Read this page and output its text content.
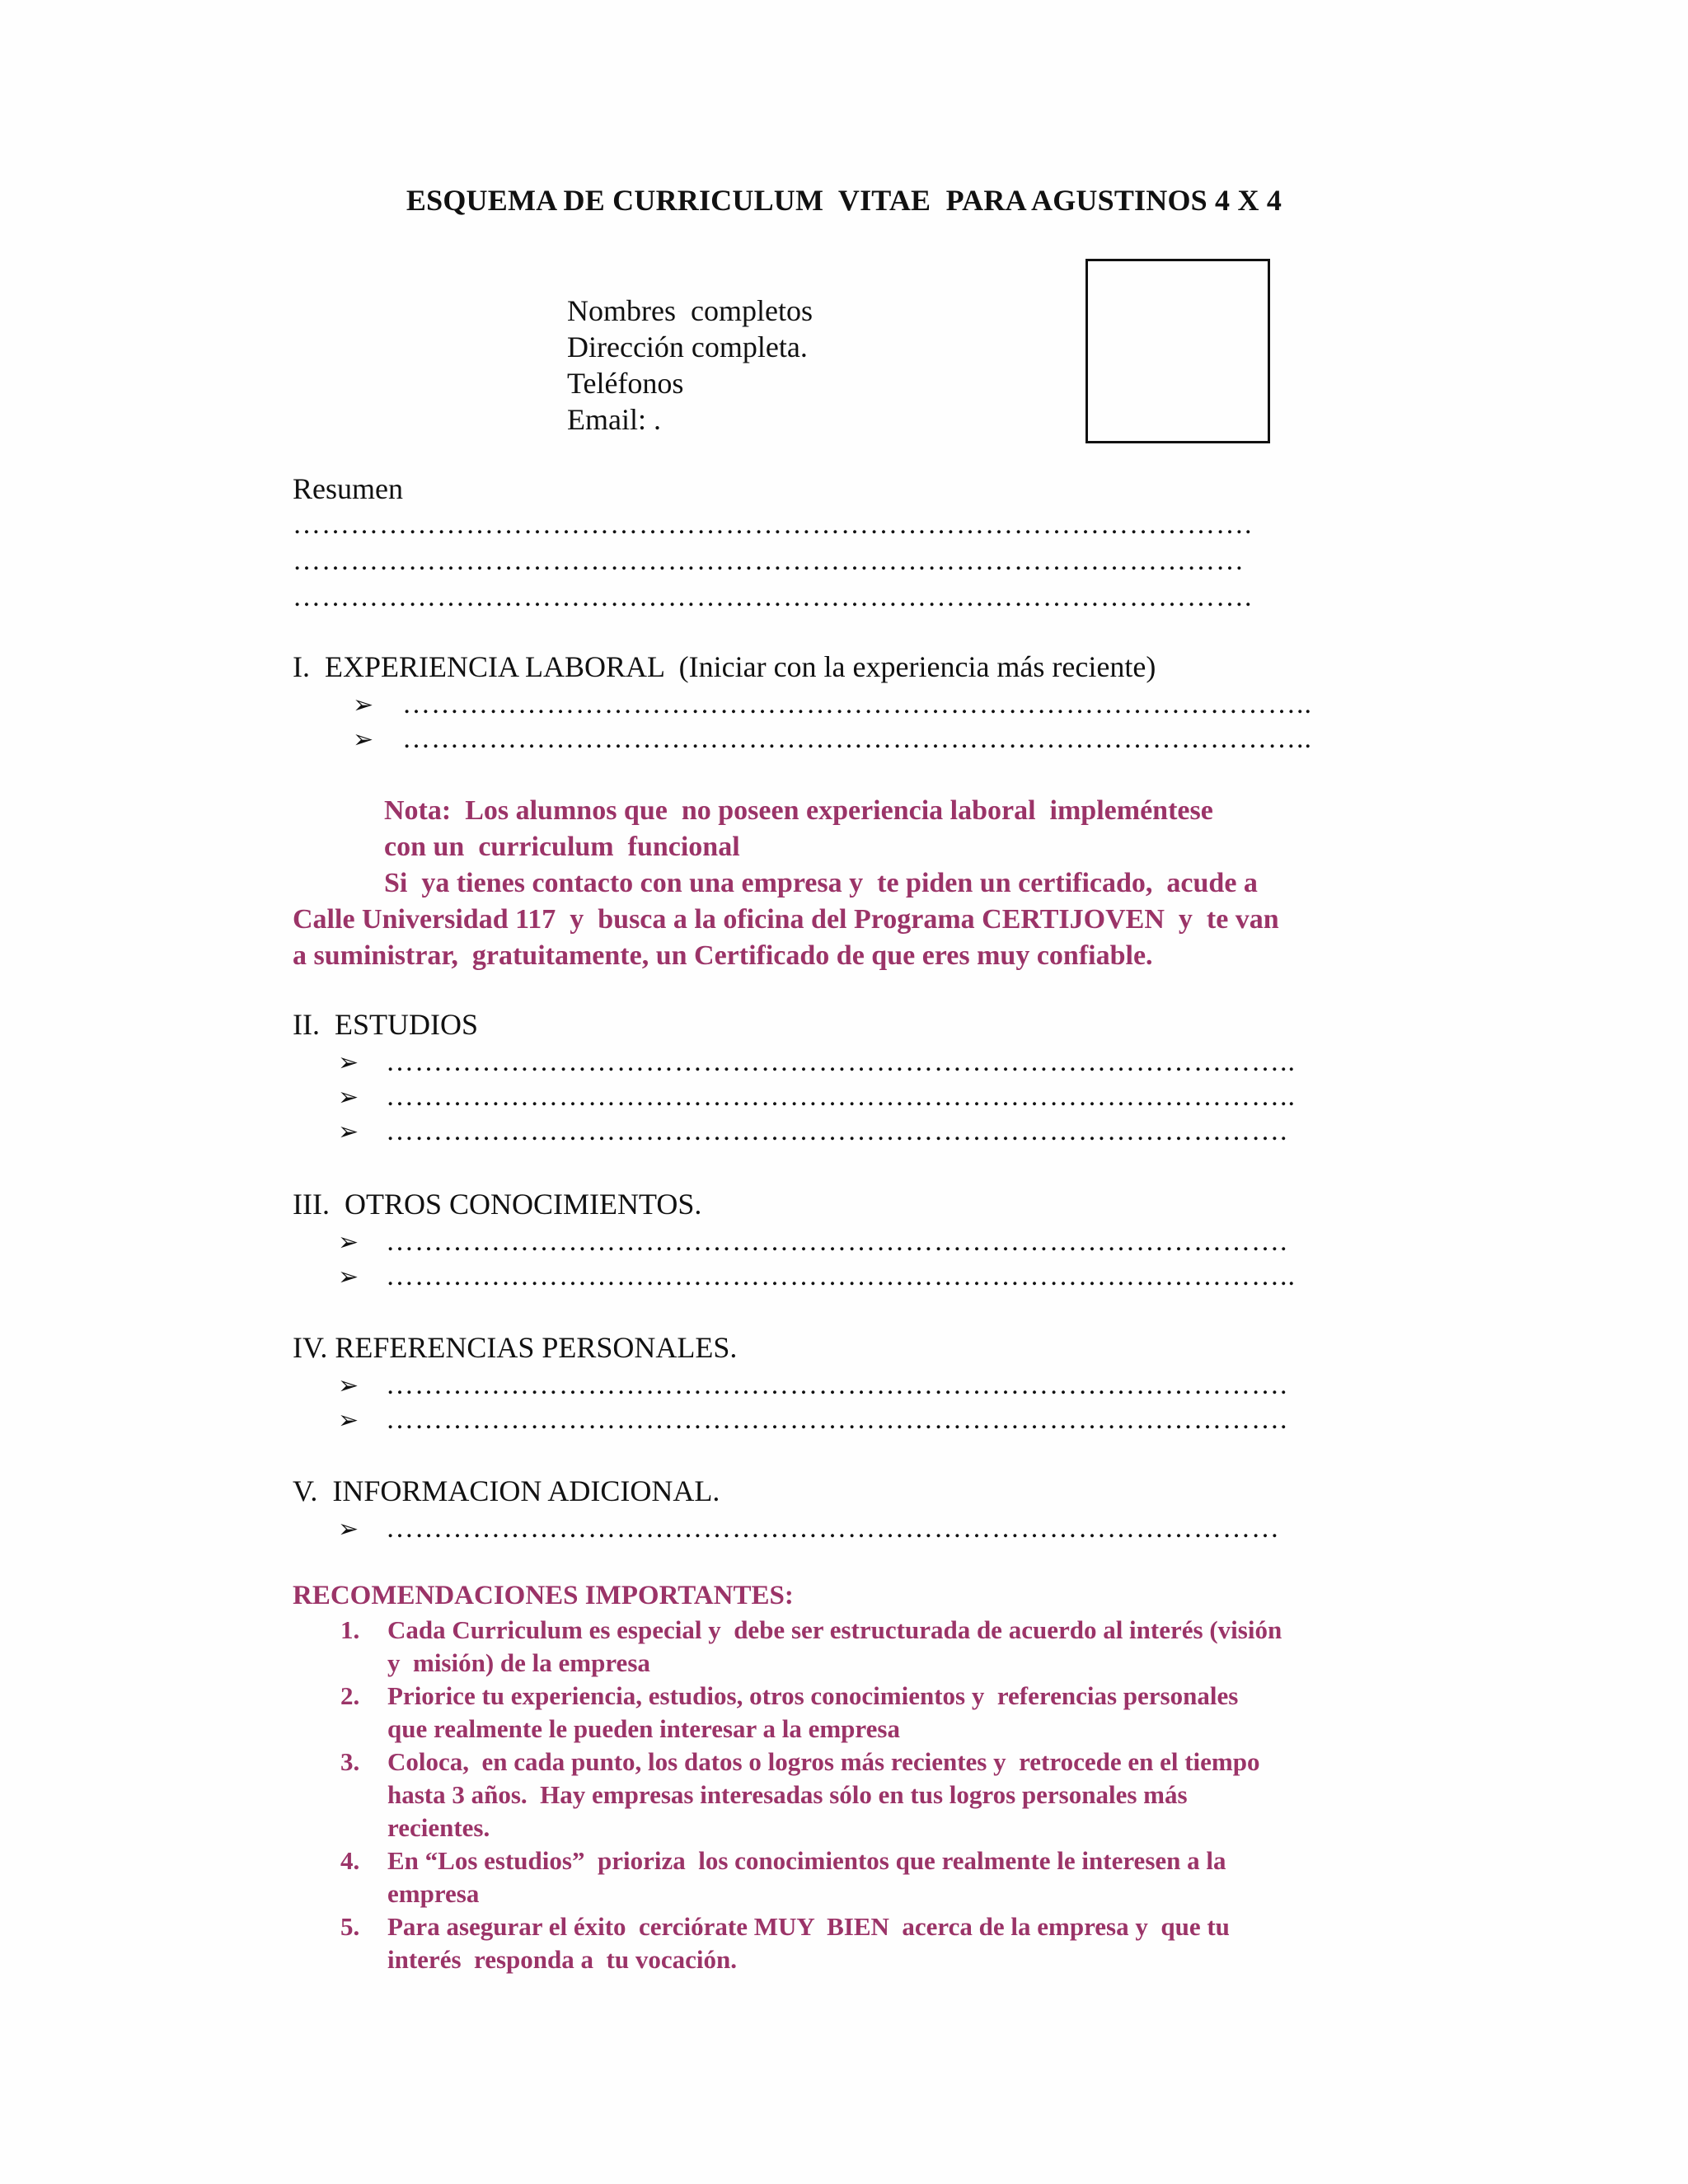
ESQUEMA DE CURRICULUM  VITAE  PARA AGUSTINOS 4 X 4
Nombres  completos
Dirección completa.
Teléfonos
Email: .
Resumen
……………………………………………………………………………………….
………………………………………………………………………………………
……………………………………………………………………………………….
I.  EXPERIENCIA LABORAL  (Iniciar con la experiencia más reciente)
➢ …………………………………………………………………………………..
➢ …………………………………………………………………………………..
Nota:  Los alumnos que  no poseen experiencia laboral  impleméntese
con un  curriculum  funcional
Si  ya tienes contacto con una empresa y  te piden un certificado,  acude a
Calle Universidad 117  y  busca a la oficina del Programa CERTIJOVEN  y  te van
a suministrar,  gratuitamente, un Certificado de que eres muy confiable.
II.  ESTUDIOS
➢ …………………………………………………………………………………..
➢ …………………………………………………………………………………..
➢ ………………………………………………………………………………….
III.  OTROS CONOCIMIENTOS.
➢ ………………………………………………………………………………….
➢ …………………………………………………………………………………..
IV. REFERENCIAS PERSONALES.
➢ ………………………………………………………………………………….
➢ ………………………………………………………………………………….
V.  INFORMACION ADICIONAL.
➢ …………………………………………………………………………………
RECOMENDACIONES IMPORTANTES:
1. Cada Curriculum es especial y  debe ser estructurada de acuerdo al interés (visión
y  misión) de la empresa
2. Priorice tu experiencia, estudios, otros conocimientos y  referencias personales
que realmente le pueden interesar a la empresa
3. Coloca,  en cada punto, los datos o logros más recientes y  retrocede en el tiempo
hasta 3 años.  Hay empresas interesadas sólo en tus logros personales más
recientes.
4. En “Los estudios”  prioriza  los conocimientos que realmente le interesen a la
empresa
5. Para asegurar el éxito  cerciórate MUY  BIEN  acerca de la empresa y  que tu
interés  responda a  tu vocación.
